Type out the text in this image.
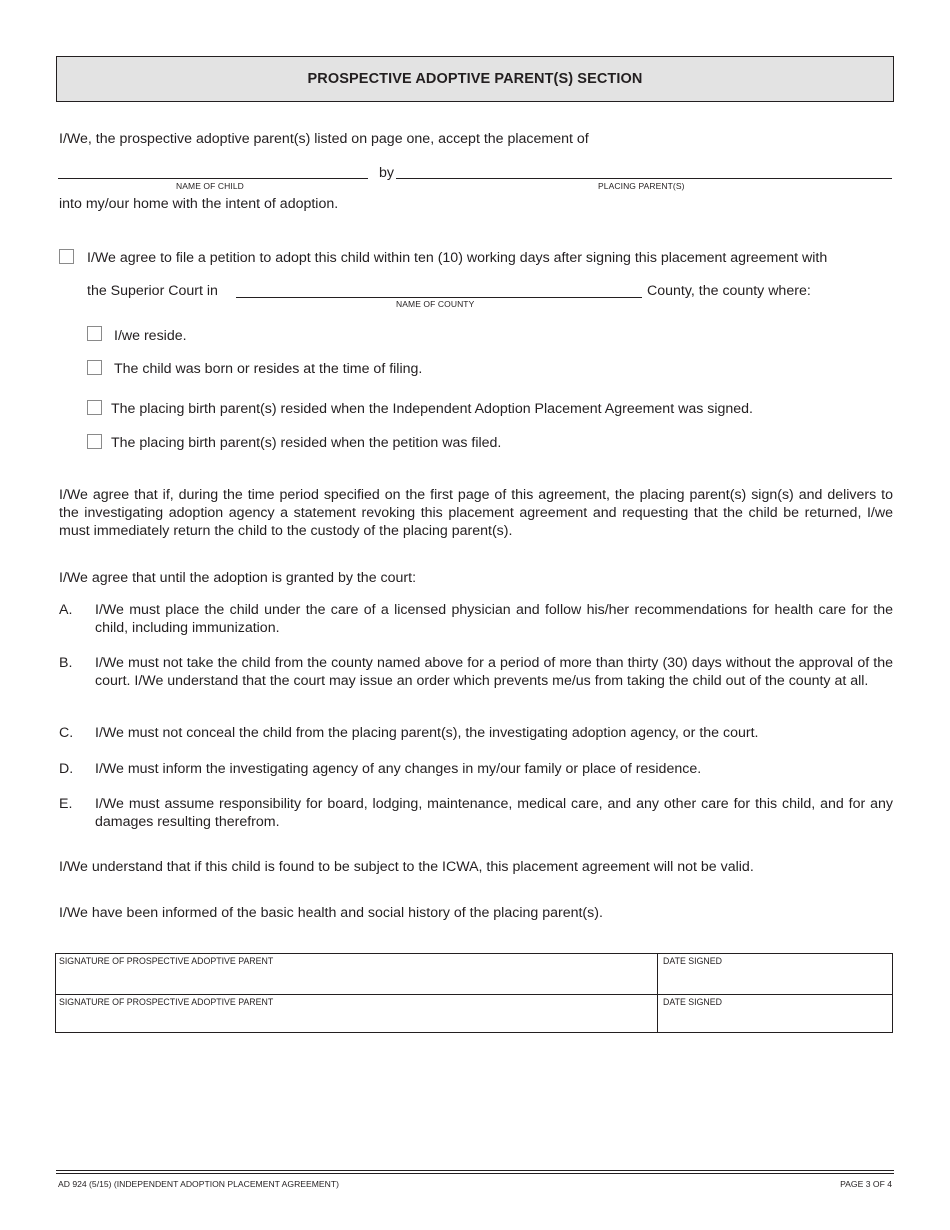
PROSPECTIVE ADOPTIVE PARENT(S) SECTION
I/We, the prospective adoptive parent(s) listed on page one, accept the placement of
NAME OF CHILD
by
PLACING PARENT(S)
into my/our home with the intent of adoption.
I/We agree to file a petition to adopt this child within ten (10) working days after signing this placement agreement with
the Superior Court in
NAME OF COUNTY
County, the county where:
I/we reside.
The child was born or resides at the time of filing.
The placing birth parent(s) resided when the Independent Adoption Placement Agreement was signed.
The placing birth parent(s) resided when the petition was filed.
I/We agree that if, during the time period specified on the first page of this agreement, the placing parent(s) sign(s) and delivers to the investigating adoption agency a statement revoking this placement agreement and requesting that the child be returned, I/we must immediately return the child to the custody of the placing parent(s).
I/We agree that until the adoption is granted by the court:
A.	I/We must place the child under the care of a licensed physician and follow his/her recommendations for health care for the child, including immunization.
B.	I/We must not take the child from the county named above for a period of more than thirty (30) days without the approval of the court. I/We understand that the court may issue an order which prevents me/us from taking the child out of the county at all.
C.	I/We must not conceal the child from the placing parent(s), the investigating adoption agency, or the court.
D.	I/We must inform the investigating agency of any changes in my/our family or place of residence.
E.	I/We must assume responsibility for board, lodging, maintenance, medical care, and any other care for this child, and for any damages resulting therefrom.
I/We understand that if this child is found to be subject to the ICWA, this placement agreement will not be valid.
I/We have been informed of the basic health and social history of the placing parent(s).
SIGNATURE OF PROSPECTIVE ADOPTIVE PARENT	DATE SIGNED
SIGNATURE OF PROSPECTIVE ADOPTIVE PARENT	DATE SIGNED
AD 924 (5/15) (INDEPENDENT ADOPTION PLACEMENT AGREEMENT)	PAGE 3 OF 4
